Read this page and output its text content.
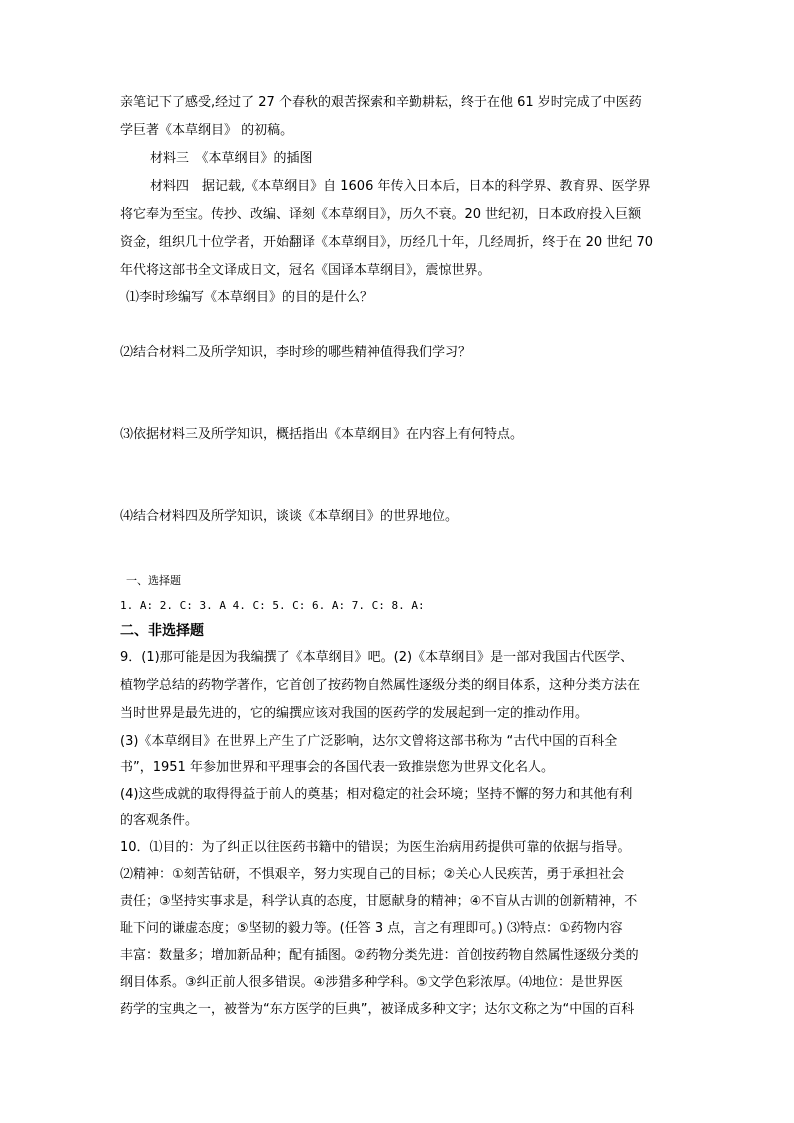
亲笔记下了感受,经过了 27 个春秋的艰苦探索和辛勤耕耘，终于在他 61 岁时完成了中医药
学巨著《本草纲目》 的初稿。
材料三　《本草纲目》的插图
材料四　据记载,《本草纲目》自 1606 年传入日本后，日本的科学界、教育界、医学界
将它奉为至宝。传抄、改编、译刻《本草纲目》，历久不衰。20 世纪初，日本政府投入巨额
资金，组织几十位学者，开始翻译《本草纲目》，历经几十年，几经周折，终于在 20 世纪 70
年代将这部书全文译成日文，冠名《国译本草纲目》，震惊世界。
⑴李时珍编写《本草纲目》的目的是什么？
⑵结合材料二及所学知识，李时珍的哪些精神值得我们学习？
⑶依据材料三及所学知识，概括指出《本草纲目》在内容上有何特点。
⑷结合材料四及所学知识，谈谈《本草纲目》的世界地位。
一、选择题
1. A: 2. C: 3. A 4. C: 5. C: 6. A: 7. C: 8. A:
二、非选择题
9．(1)那可能是因为我编撰了《本草纲目》吧。(2)《本草纲目》是一部对我国古代医学、
植物学总结的药物学著作，它首创了按药物自然属性逐级分类的纲目体系，这种分类方法在
当时世界是最先进的，它的编撰应该对我国的医药学的发展起到一定的推动作用。
(3)《本草纲目》在世界上产生了广泛影响，达尔文曾将这部书称为 “古代中国的百科全
书”，1951 年参加世界和平理事会的各国代表一致推崇您为世界文化名人。
(4)这些成就的取得得益于前人的奠基；相对稳定的社会环境；坚持不懈的努力和其他有利
的客观条件。
10．⑴目的：为了纠正以往医药书籍中的错误；为医生治病用药提供可靠的依据与指导。
⑵精神：①刻苦钻研，不惧艰辛，努力实现自己的目标；②关心人民疾苦，勇于承担社会
责任；③坚持实事求是，科学认真的态度，甘愿献身的精神；④不盲从古训的创新精神，不
耻下问的谦虚态度；⑤坚韧的毅力等。(任答 3 点，言之有理即可。) ⑶特点：①药物内容
丰富：数量多；增加新品种；配有插图。②药物分类先进：首创按药物自然属性逐级分类的
纲目体系。③纠正前人很多错误。④涉猎多种学科。⑤文学色彩浓厚。⑷地位：是世界医
药学的宝典之一，被誉为“东方医学的巨典”，被译成多种文字；达尔文称之为“中国的百科
